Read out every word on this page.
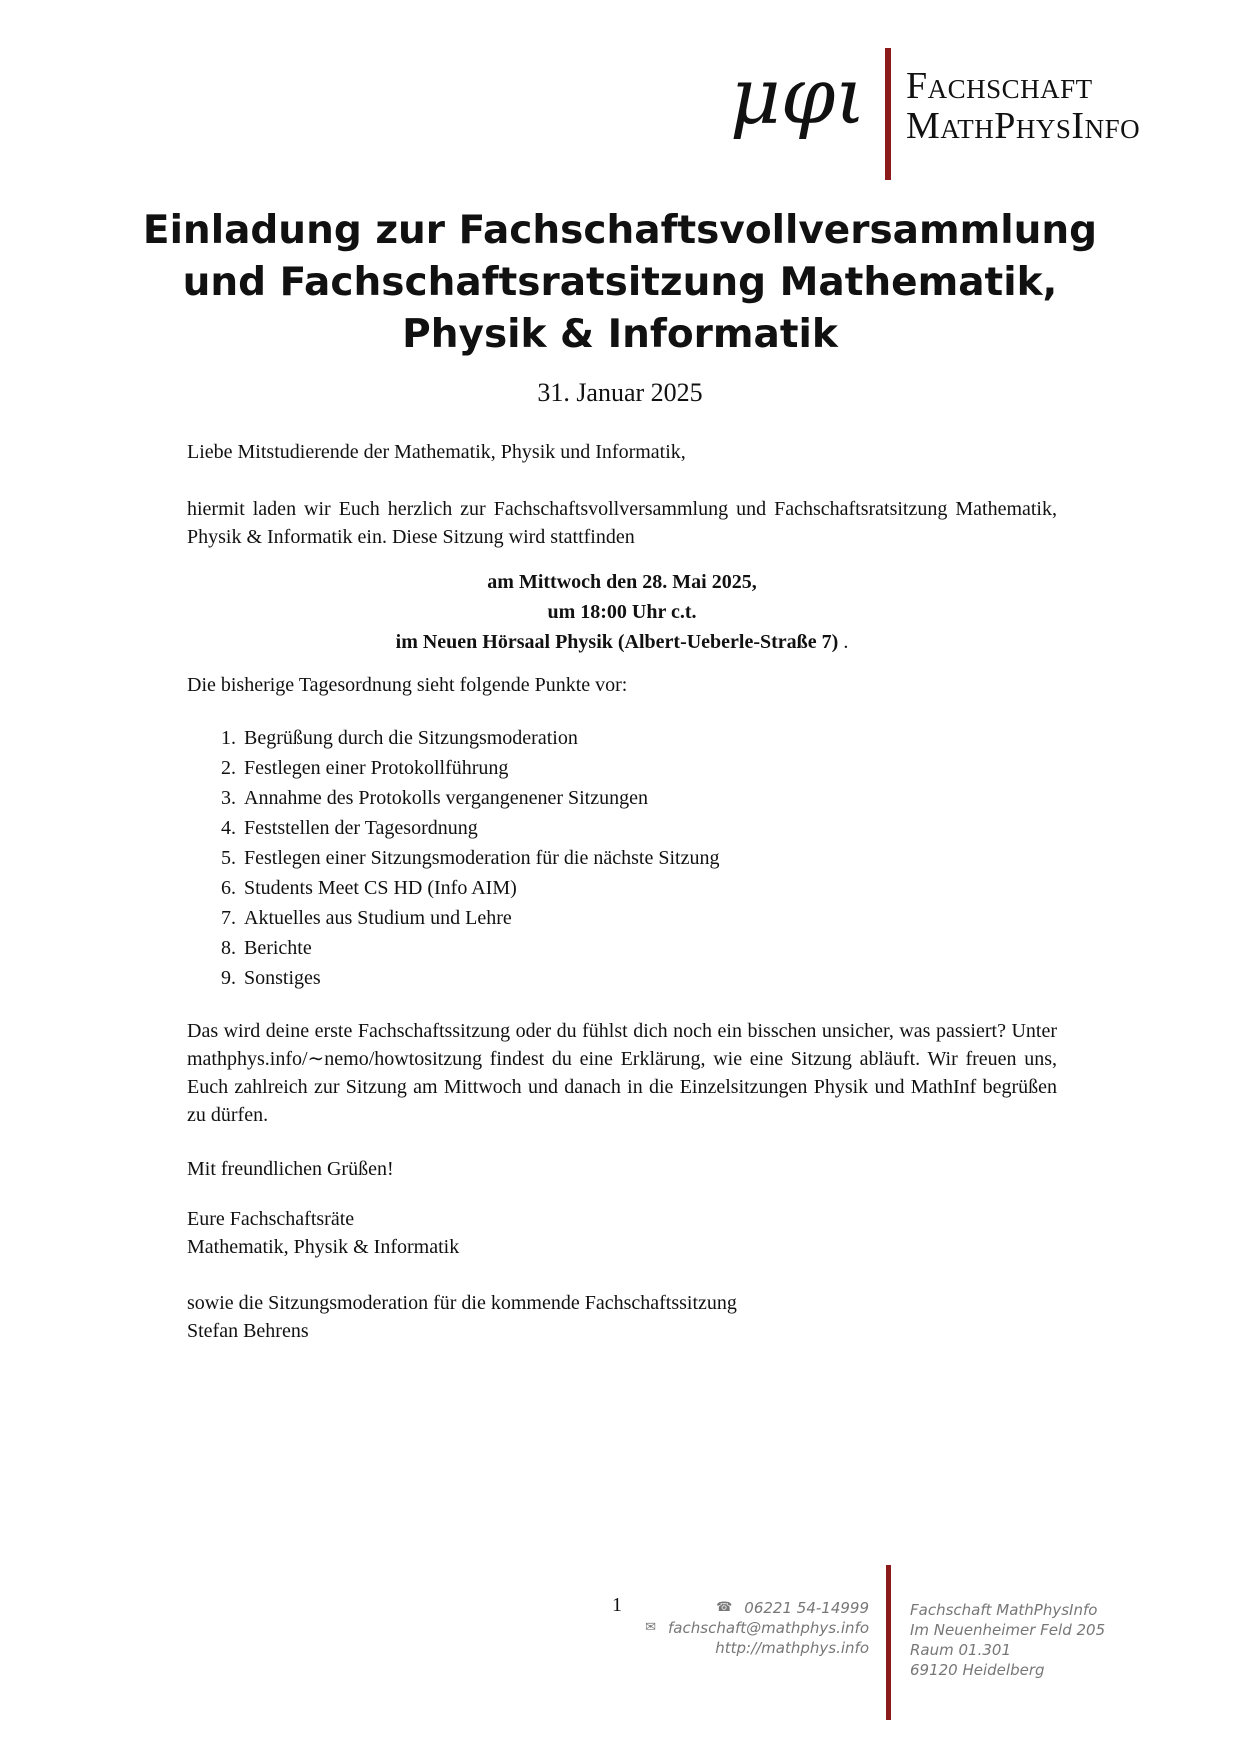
μφι Fachschaft
MathPhysInfo
Einladung zur Fachschaftsvollversammlung und Fachschaftsratsitzung Mathematik, Physik & Informatik
31. Januar 2025

Liebe Mitstudierende der Mathematik, Physik und Informatik,

hiermit laden wir Euch herzlich zur Fachschaftsvollversammlung und Fachschaftsratsitzung Mathematik, Physik & Informatik ein. Diese Sitzung wird stattfinden

am Mittwoch den 28. Mai 2025,
um 18:00 Uhr c.t.
im Neuen Hörsaal Physik (Albert-Ueberle-Straße 7) .

Die bisherige Tagesordnung sieht folgende Punkte vor:

1. Begrüßung durch die Sitzungsmoderation
2. Festlegen einer Protokollführung
3. Annahme des Protokolls vergangenener Sitzungen
4. Feststellen der Tagesordnung
5. Festlegen einer Sitzungsmoderation für die nächste Sitzung
6. Students Meet CS HD (Info AIM)
7. Aktuelles aus Studium und Lehre
8. Berichte
9. Sonstiges

Das wird deine erste Fachschaftssitzung oder du fühlst dich noch ein bisschen unsicher, was passiert? Unter mathphys.info/∼nemo/howtositzung findest du eine Erklärung, wie eine Sitzung abläuft. Wir freuen uns, Euch zahlreich zur Sitzung am Mittwoch und danach in die Einzelsitzungen Physik und MathInf begrüßen zu dürfen.

Mit freundlichen Grüßen!

Eure Fachschaftsräte
Mathematik, Physik & Informatik

sowie die Sitzungsmoderation für die kommende Fachschaftssitzung
Stefan Behrens

1	☎ 06221 54-14999
✉ fachschaft@mathphys.info
http://mathphys.info
Fachschaft MathPhysInfo
Im Neuenheimer Feld 205
Raum 01.301
69120 Heidelberg
